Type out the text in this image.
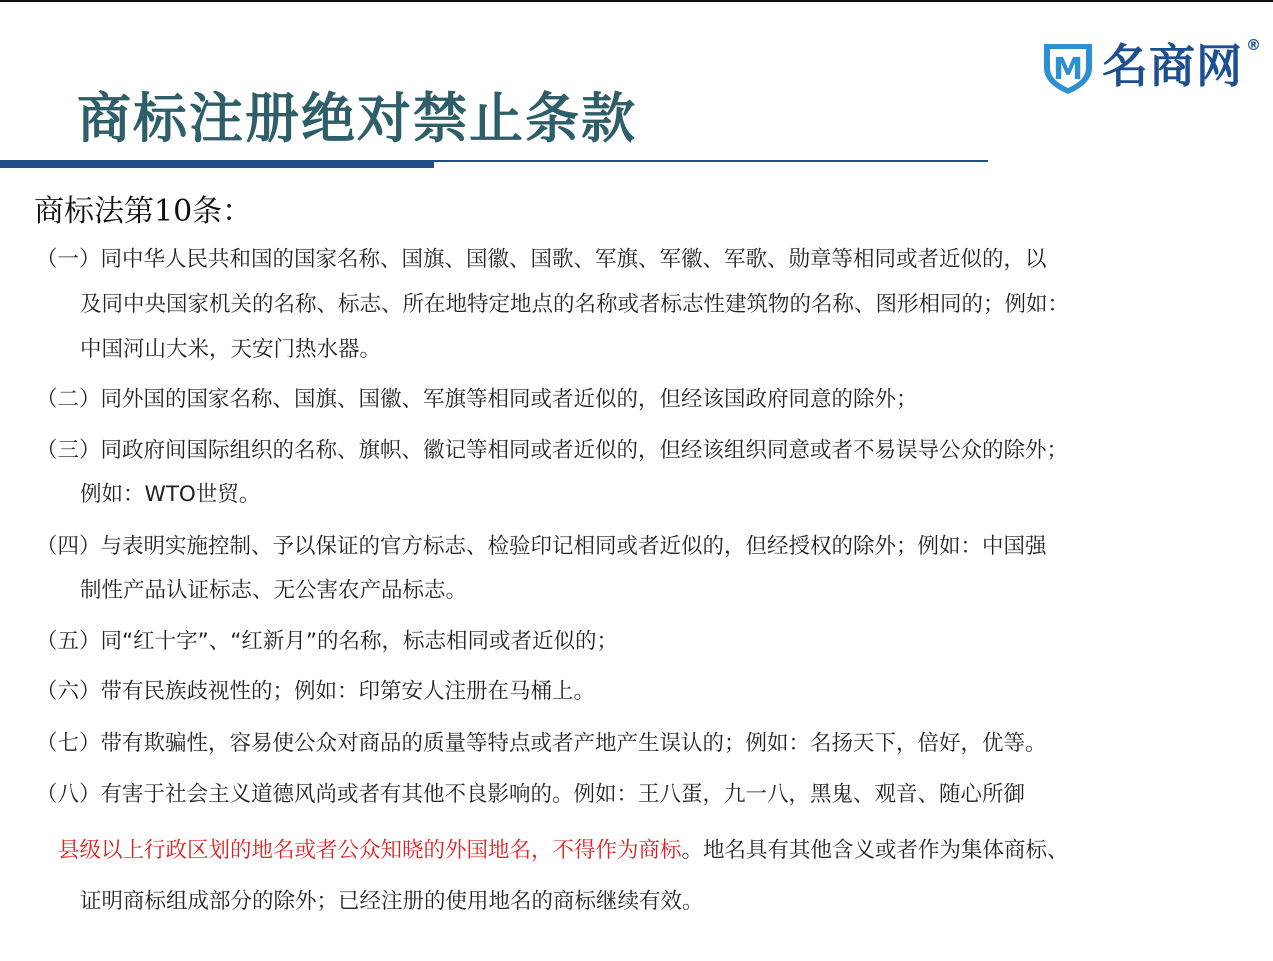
M 名商网 ®
商标注册绝对禁止条款
商标法第10条：
（一）同中华人民共和国的国家名称、国旗、国徽、国歌、军旗、军徽、军歌、勋章等相同或者近似的，以
及同中央国家机关的名称、标志、所在地特定地点的名称或者标志性建筑物的名称、图形相同的；例如：
中国河山大米，天安门热水器。
（二）同外国的国家名称、国旗、国徽、军旗等相同或者近似的，但经该国政府同意的除外；
（三）同政府间国际组织的名称、旗帜、徽记等相同或者近似的，但经该组织同意或者不易误导公众的除外；
例如：WTO世贸。
（四）与表明实施控制、予以保证的官方标志、检验印记相同或者近似的，但经授权的除外；例如：中国强
制性产品认证标志、无公害农产品标志。
（五）同“红十字”、“红新月”的名称，标志相同或者近似的；
（六）带有民族歧视性的；例如：印第安人注册在马桶上。
（七）带有欺骗性，容易使公众对商品的质量等特点或者产地产生误认的；例如：名扬天下，倍好，优等。
（八）有害于社会主义道德风尚或者有其他不良影响的。例如：王八蛋，九一八，黑鬼、观音、随心所御
县级以上行政区划的地名或者公众知晓的外国地名，不得作为商标。地名具有其他含义或者作为集体商标、
证明商标组成部分的除外；已经注册的使用地名的商标继续有效。
